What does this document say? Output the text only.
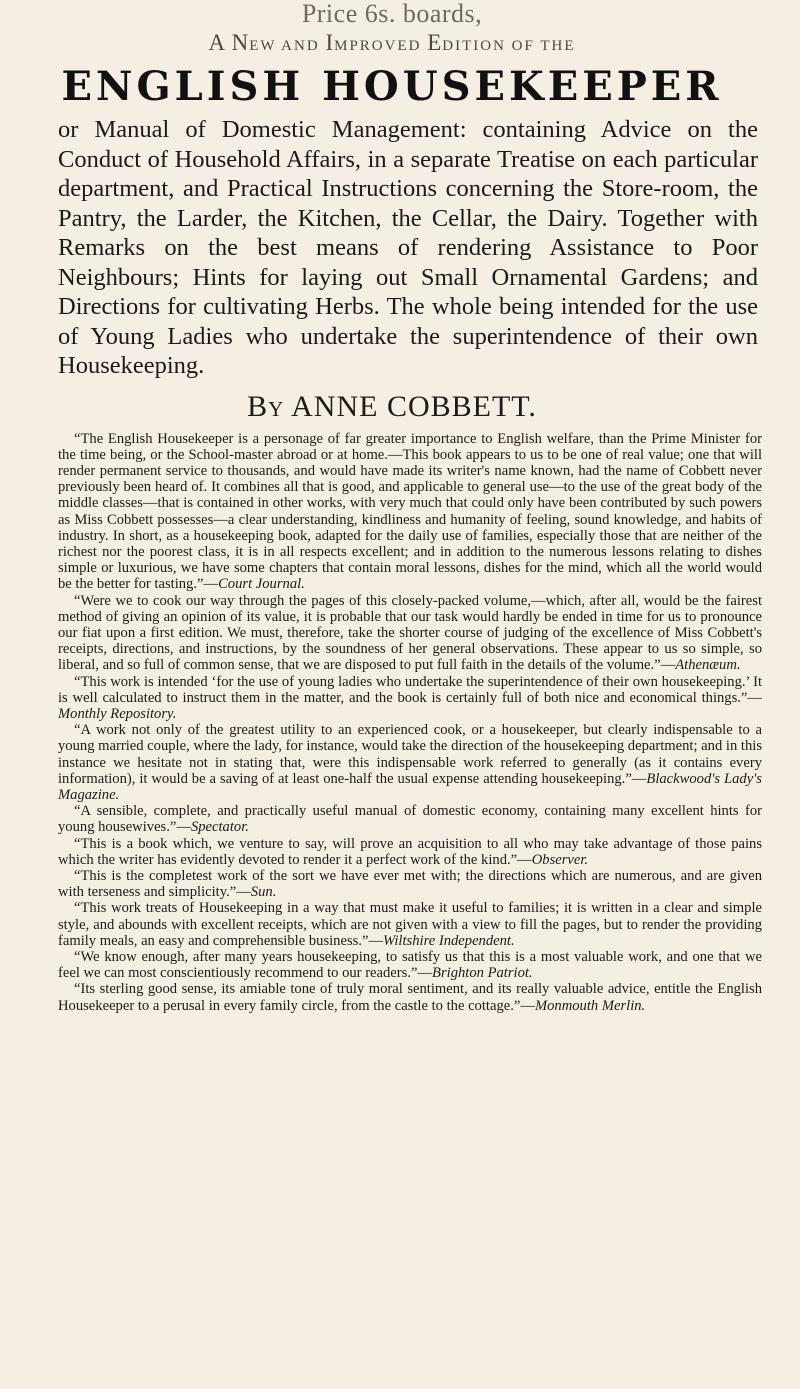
Price 6s. boards,
A NEW AND IMPROVED EDITION OF THE
ENGLISH HOUSEKEEPER

or Manual of Domestic Management: containing Advice on the Conduct of Household Affairs, in a separate Treatise on each particular department, and Practical Instructions concerning the Store-room, the Pantry, the Larder, the Kitchen, the Cellar, the Dairy. Together with Remarks on the best means of rendering Assistance to Poor Neighbours; Hints for laying out Small Ornamental Gardens; and Directions for cultivating Herbs. The whole being intended for the use of Young Ladies who undertake the superintendence of their own Housekeeping.

By ANNE COBBETT.

“The English Housekeeper is a personage of far greater importance to English welfare, than the Prime Minister for the time being, or the School-master abroad or at home.—This book appears to us to be one of real value; one that will render permanent service to thousands, and would have made its writer's name known, had the name of Cobbett never previously been heard of. It combines all that is good, and applicable to general use—to the use of the great body of the middle classes—that is contained in other works, with very much that could only have been contributed by such powers as Miss Cobbett possesses—a clear understanding, kindliness and humanity of feeling, sound knowledge, and habits of industry. In short, as a housekeeping book, adapted for the daily use of families, especially those that are neither of the richest nor the poorest class, it is in all respects excellent; and in addition to the numerous lessons relating to dishes simple or luxurious, we have some chapters that contain moral lessons, dishes for the mind, which all the world would be the better for tasting.”—Court Journal.

“Were we to cook our way through the pages of this closely-packed volume,—which, after all, would be the fairest method of giving an opinion of its value, it is probable that our task would hardly be ended in time for us to pronounce our fiat upon a first edition. We must, therefore, take the shorter course of judging of the excellence of Miss Cobbett's receipts, directions, and instructions, by the soundness of her general observations. These appear to us so simple, so liberal, and so full of common sense, that we are disposed to put full faith in the details of the volume.”—Athenæum.

“This work is intended ‘for the use of young ladies who undertake the superintendence of their own housekeeping.’ It is well calculated to instruct them in the matter, and the book is certainly full of both nice and economical things.”—Monthly Repository.

“A work not only of the greatest utility to an experienced cook, or a housekeeper, but clearly indispensable to a young married couple, where the lady, for instance, would take the direction of the housekeeping department; and in this instance we hesitate not in stating that, were this indispensable work referred to generally (as it contains every information), it would be a saving of at least one-half the usual expense attending housekeeping.”—Blackwood's Lady's Magazine.

“A sensible, complete, and practically useful manual of domestic economy, containing many excellent hints for young housewives.”—Spectator.

“This is a book which, we venture to say, will prove an acquisition to all who may take advantage of those pains which the writer has evidently devoted to render it a perfect work of the kind.”—Observer.

“This is the completest work of the sort we have ever met with; the directions which are numerous, and are given with terseness and simplicity.”—Sun.

“This work treats of Housekeeping in a way that must make it useful to families; it is written in a clear and simple style, and abounds with excellent receipts, which are not given with a view to fill the pages, but to render the providing family meals, an easy and comprehensible business.”—Wiltshire Independent.

“We know enough, after many years housekeeping, to satisfy us that this is a most valuable work, and one that we feel we can most conscientiously recommend to our readers.”—Brighton Patriot.

“Its sterling good sense, its amiable tone of truly moral sentiment, and its really valuable advice, entitle the English Housekeeper to a perusal in every family circle, from the castle to the cottage.”—Monmouth Merlin.
